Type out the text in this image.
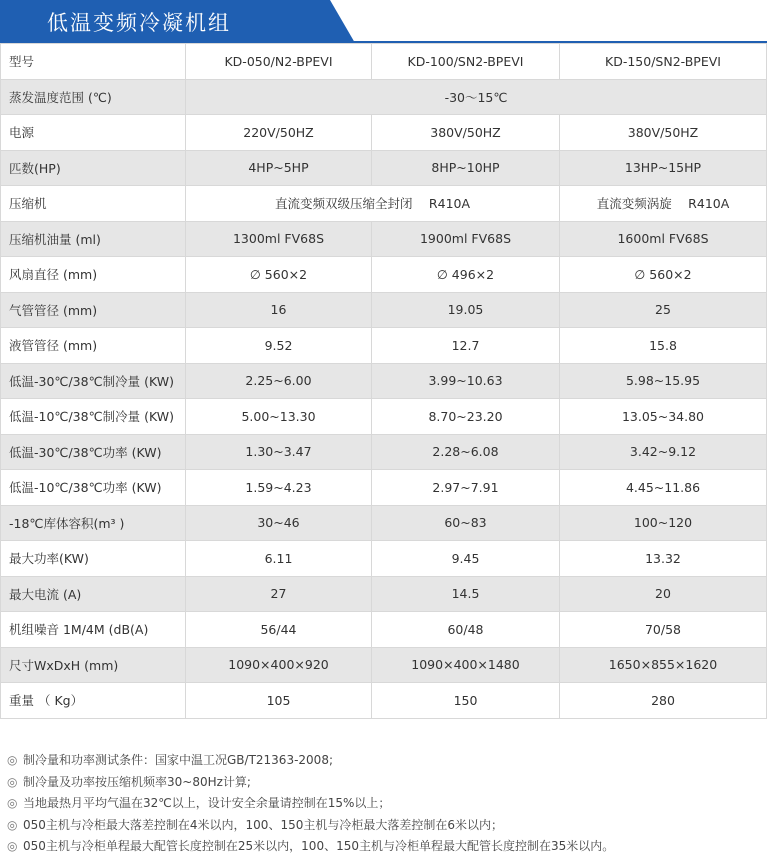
低温变频冷凝机组
型号	KD-050/N2-BPEVI	KD-100/SN2-BPEVI	KD-150/SN2-BPEVI
蒸发温度范围 (℃)	-30～15℃		
电源	220V/50HZ	380V/50HZ	380V/50HZ
匹数(HP)	4HP~5HP	8HP~10HP	13HP~15HP
压缩机	直流变频双级压缩全封闭　 R410A		直流变频涡旋　 R410A
压缩机油量 (ml)	1300ml FV68S	1900ml FV68S	1600ml FV68S
风扇直径 (mm)	∅ 560×2	∅ 496×2	∅ 560×2
气管管径 (mm)	16	19.05	25
液管管径 (mm)	9.52	12.7	15.8
低温-30℃/38℃制冷量 (KW)	2.25~6.00	3.99~10.63	5.98~15.95
低温-10℃/38℃制冷量 (KW)	5.00~13.30	8.70~23.20	13.05~34.80
低温-30℃/38℃功率 (KW)	1.30~3.47	2.28~6.08	3.42~9.12
低温-10℃/38℃功率 (KW)	1.59~4.23	2.97~7.91	4.45~11.86
-18℃库体容积(m³ )	30~46	60~83	100~120
最大功率(KW)	6.11	9.45	13.32
最大电流 (A)	27	14.5	20
机组噪音 1M/4M (dB(A)	56/44	60/48	70/58
尺寸WxDxH (mm)	1090×400×920	1090×400×1480	1650×855×1620
重量 （ Kg）	105	150	280
◎ 制冷量和功率测试条件：国家中温工况GB/T21363-2008;
◎ 制冷量及功率按压缩机频率30~80Hz计算;
◎ 当地最热月平均气温在32℃以上，设计安全余量请控制在15%以上；
◎ 050主机与冷柜最大落差控制在4米以内，100、150主机与冷柜最大落差控制在6米以内；
◎ 050主机与冷柜单程最大配管长度控制在25米以内，100、150主机与冷柜单程最大配管长度控制在35米以内。
